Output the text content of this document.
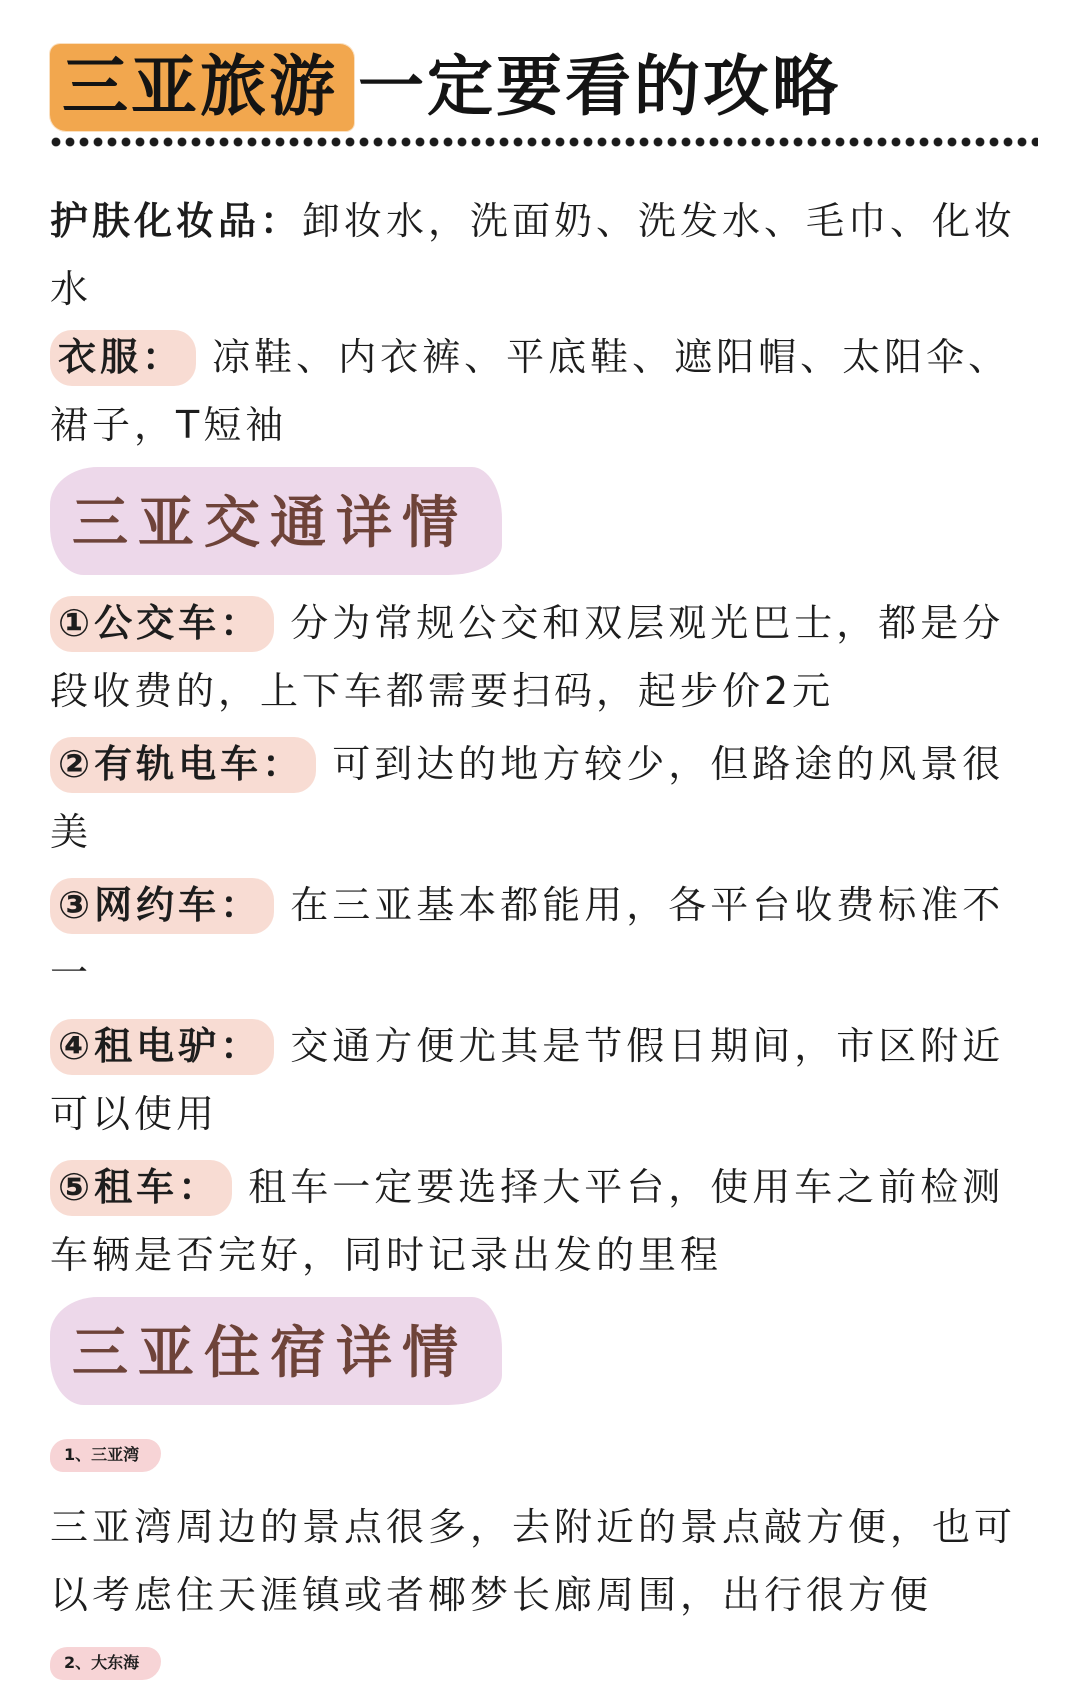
三亚旅游 一定要看的攻略

护肤化妆品：卸妆水，洗面奶、洗发水、毛巾、化妆水

衣服： 凉鞋、内衣裤、平底鞋、遮阳帽、太阳伞、裙子，T短袖

三亚交通详情

①公交车： 分为常规公交和双层观光巴士，都是分段收费的，上下车都需要扫码，起步价2元

②有轨电车： 可到达的地方较少，但路途的风景很美

③网约车： 在三亚基本都能用，各平台收费标准不一

④租电驴： 交通方便尤其是节假日期间，市区附近可以使用

⑤租车： 租车一定要选择大平台，使用车之前检测车辆是否完好，同时记录出发的里程

三亚住宿详情

1、三亚湾

三亚湾周边的景点很多，去附近的景点敲方便，也可以考虑住天涯镇或者椰梦长廊周围，出行很方便

2、大东海
